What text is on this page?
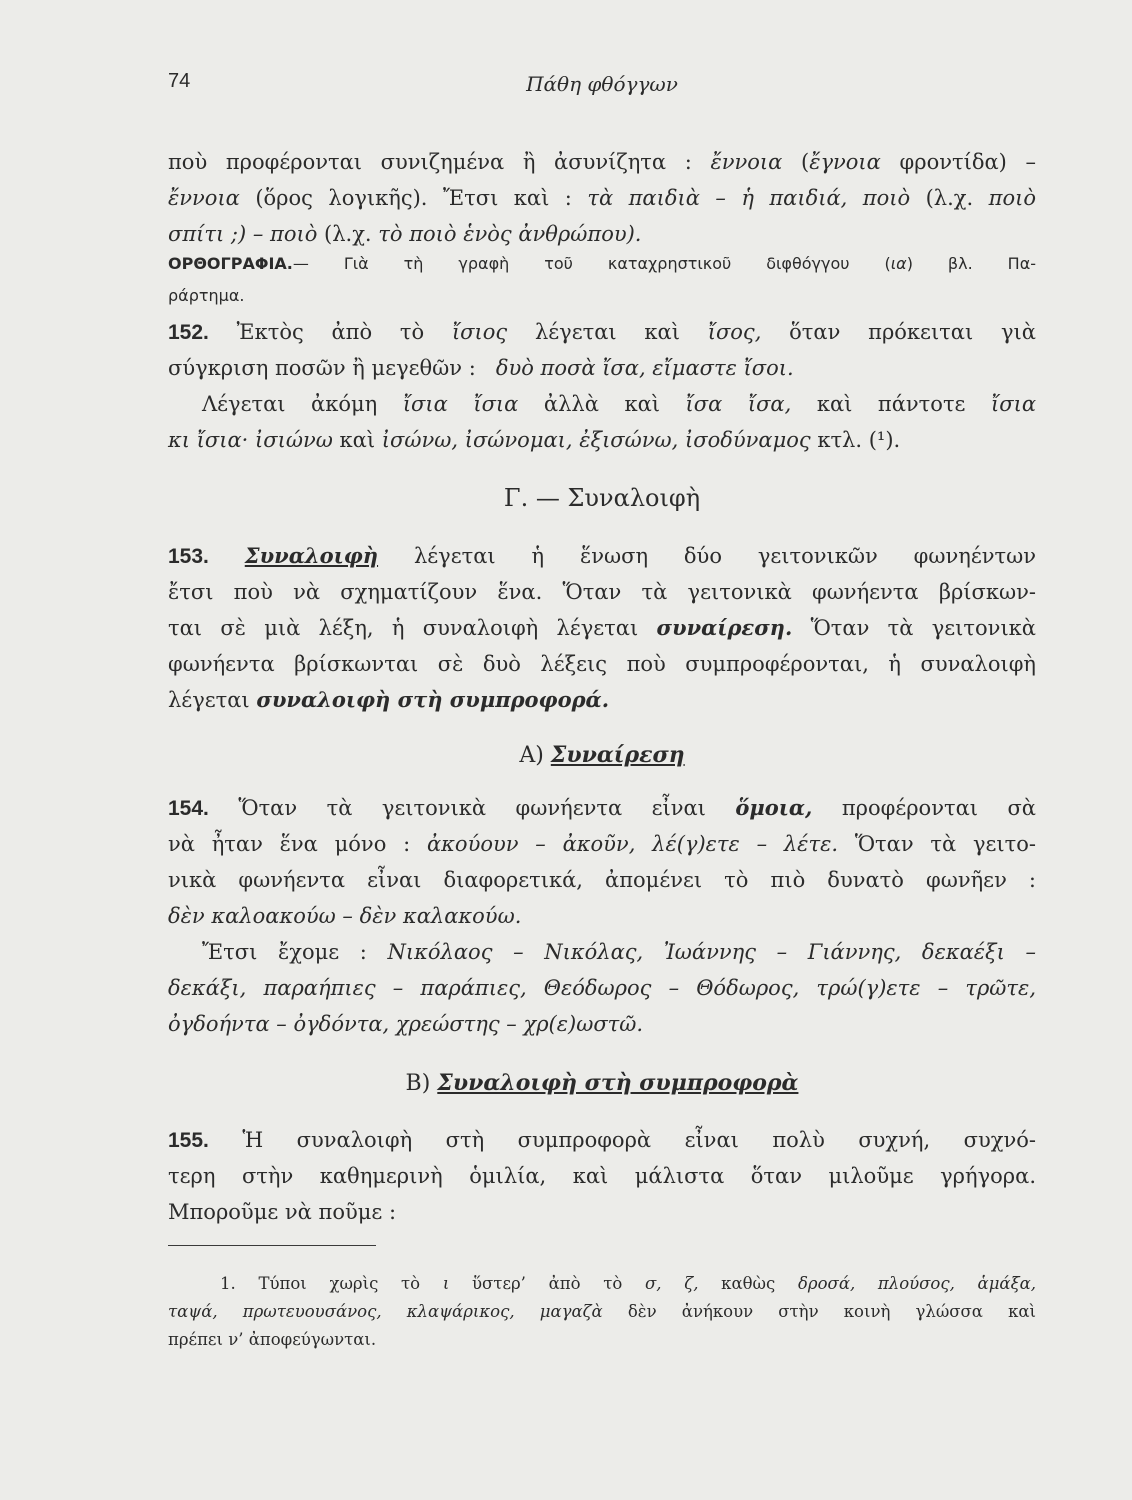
74	Πάθη φθόγγων
ποὺ προφέρονται συνιζημένα ἢ ἀσυνίζητα : ἔννοια (ἔγνοια φροντίδα) –
ἔννοια (ὅρος λογικῆς). Ἔτσι καὶ : τὰ παιδιὰ – ἡ παιδιά, ποιὸ (λ.χ. ποιὸ
σπίτι ;) – ποιὸ (λ.χ. τὸ ποιὸ ἑνὸς ἀνθρώπου).
ΟΡΘΟΓΡΑΦΙΑ.— Γιὰ τὴ γραφὴ τοῦ καταχρηστικοῦ διφθόγγου (ια) βλ. Πα-
ράρτημα.
152. Ἐκτὸς ἀπὸ τὸ ἴσιος λέγεται καὶ ἴσος, ὅταν πρόκειται γιὰ
σύγκριση ποσῶν ἢ μεγεθῶν : δυὸ ποσὰ ἴσα, εἴμαστε ἴσοι.
Λέγεται ἀκόμη ἴσια ἴσια ἀλλὰ καὶ ἴσα ἴσα, καὶ πάντοτε ἴσια
κι ἴσια· ἰσιώνω καὶ ἰσώνω, ἰσώνομαι, ἐξισώνω, ἰσοδύναμος κτλ. (¹).
Γ. — Συναλοιφὴ
153. Συναλοιφὴ λέγεται ἡ ἕνωση δύο γειτονικῶν φωνηέντων
ἔτσι ποὺ νὰ σχηματίζουν ἕνα. Ὅταν τὰ γειτονικὰ φωνήεντα βρίσκων-
ται σὲ μιὰ λέξη, ἡ συναλοιφὴ λέγεται συναίρεση. Ὅταν τὰ γειτονικὰ
φωνήεντα βρίσκωνται σὲ δυὸ λέξεις ποὺ συμπροφέρονται, ἡ συναλοιφὴ
λέγεται συναλοιφὴ στὴ συμπροφορά.
Α) Συναίρεση
154. Ὅταν τὰ γειτονικὰ φωνήεντα εἶναι ὅμοια, προφέρονται σὰ
νὰ ἦταν ἕνα μόνο : ἀκούουν – ἀκοῦν, λέ(γ)ετε – λέτε. Ὅταν τὰ γειτο-
νικὰ φωνήεντα εἶναι διαφορετικά, ἀπομένει τὸ πιὸ δυνατὸ φωνῆεν :
δὲν καλοακούω – δὲν καλακούω.
Ἔτσι ἔχομε : Νικόλαος – Νικόλας, Ἰωάννης – Γιάννης, δεκαέξι –
δεκάξι, παραήπιες – παράπιες, Θεόδωρος – Θόδωρος, τρώ(γ)ετε – τρῶτε,
ὀγδοήντα – ὀγδόντα, χρεώστης – χρ(ε)ωστῶ.
Β) Συναλοιφὴ στὴ συμπροφορὰ
155. Ἡ συναλοιφὴ στὴ συμπροφορὰ εἶναι πολὺ συχνή, συχνό-
τερη στὴν καθημερινὴ ὁμιλία, καὶ μάλιστα ὅταν μιλοῦμε γρήγορα.
Μποροῦμε νὰ ποῦμε :
1. Τύποι χωρὶς τὸ ι ὕστερ’ ἀπὸ τὸ σ, ζ, καθὼς δροσά, πλούσος, ἁμάξα,
ταψά, πρωτευουσάνος, κλαψάρικος, μαγαζὰ δὲν ἀνήκουν στὴν κοινὴ γλώσσα καὶ
πρέπει ν’ ἀποφεύγωνται.
